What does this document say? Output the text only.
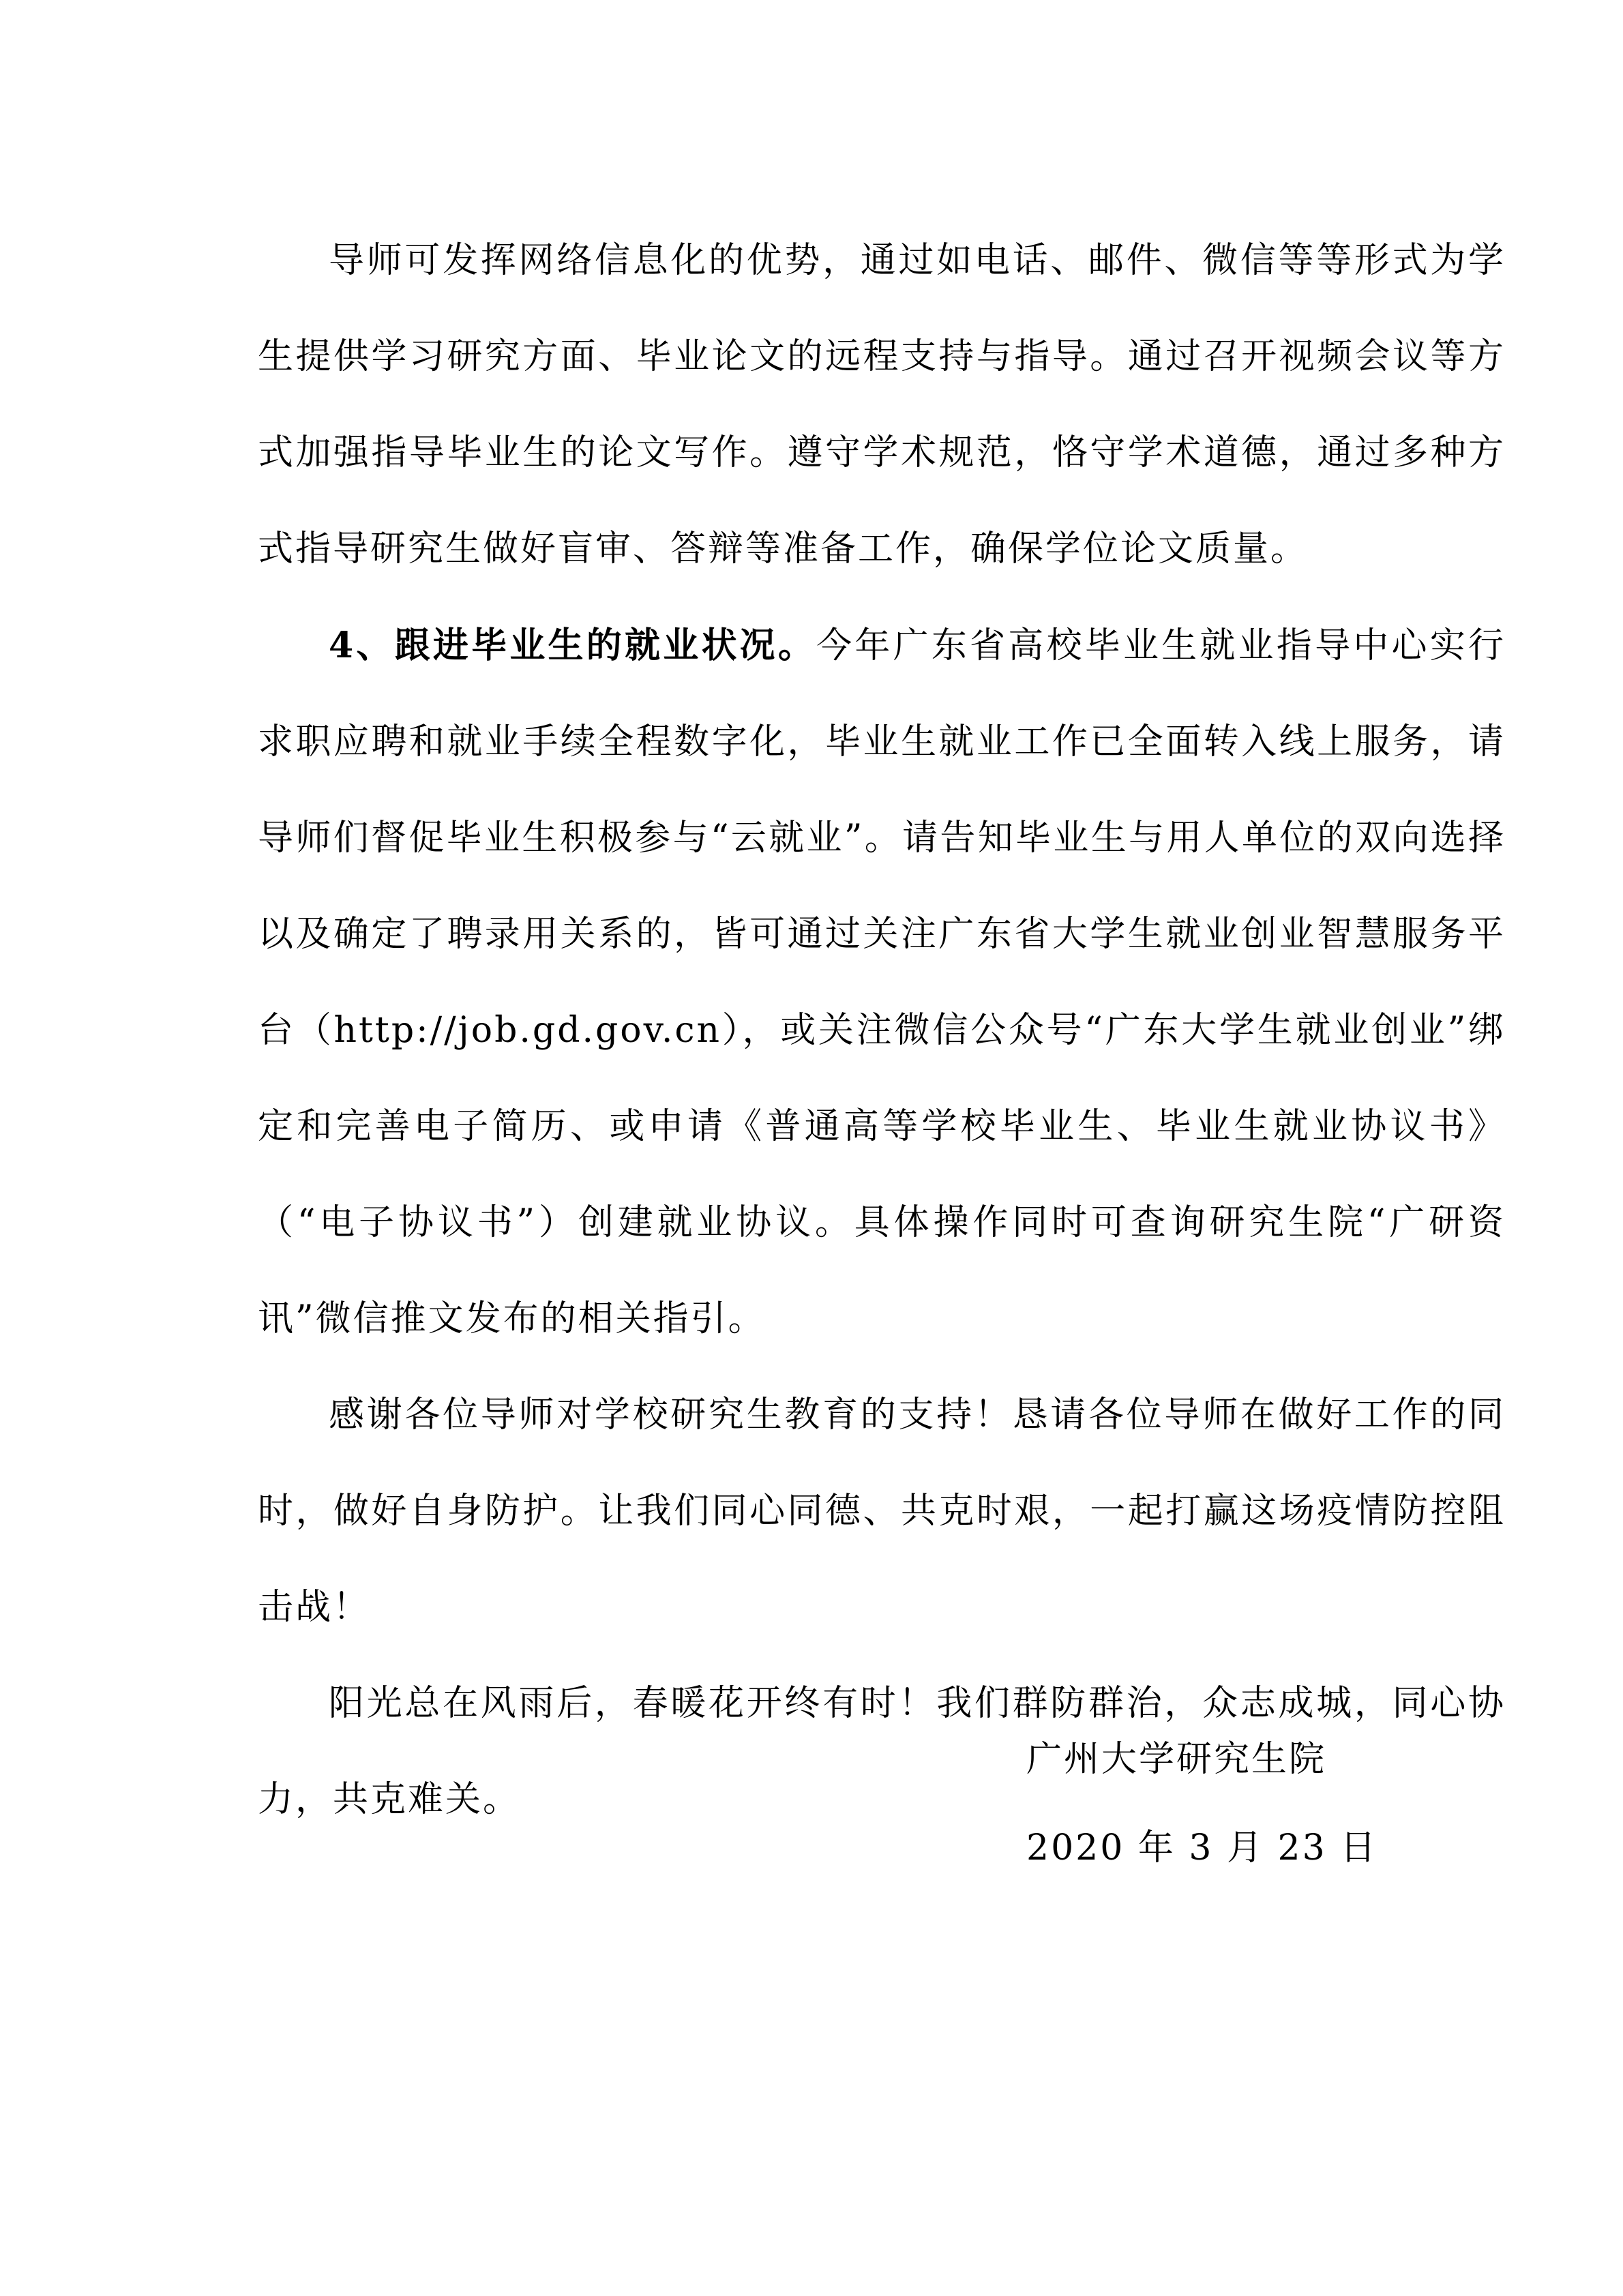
导师可发挥网络信息化的优势，通过如电话、邮件、微信等等形式为学生提供学习研究方面、毕业论文的远程支持与指导。通过召开视频会议等方式加强指导毕业生的论文写作。遵守学术规范，恪守学术道德，通过多种方式指导研究生做好盲审、答辩等准备工作，确保学位论文质量。

4、跟进毕业生的就业状况。今年广东省高校毕业生就业指导中心实行求职应聘和就业手续全程数字化，毕业生就业工作已全面转入线上服务，请导师们督促毕业生积极参与“云就业”。请告知毕业生与用人单位的双向选择以及确定了聘录用关系的，皆可通过关注广东省大学生就业创业智慧服务平台（http://job.gd.gov.cn），或关注微信公众号“广东大学生就业创业”绑定和完善电子简历、或申请《普通高等学校毕业生、毕业生就业协议书》（“电子协议书”）创建就业协议。具体操作同时可查询研究生院“广研资讯”微信推文发布的相关指引。

感谢各位导师对学校研究生教育的支持！恳请各位导师在做好工作的同时，做好自身防护。让我们同心同德、共克时艰，一起打赢这场疫情防控阻击战！

阳光总在风雨后，春暖花开终有时！我们群防群治，众志成城，同心协力，共克难关。

广州大学研究生院
2020 年 3 月 23 日
